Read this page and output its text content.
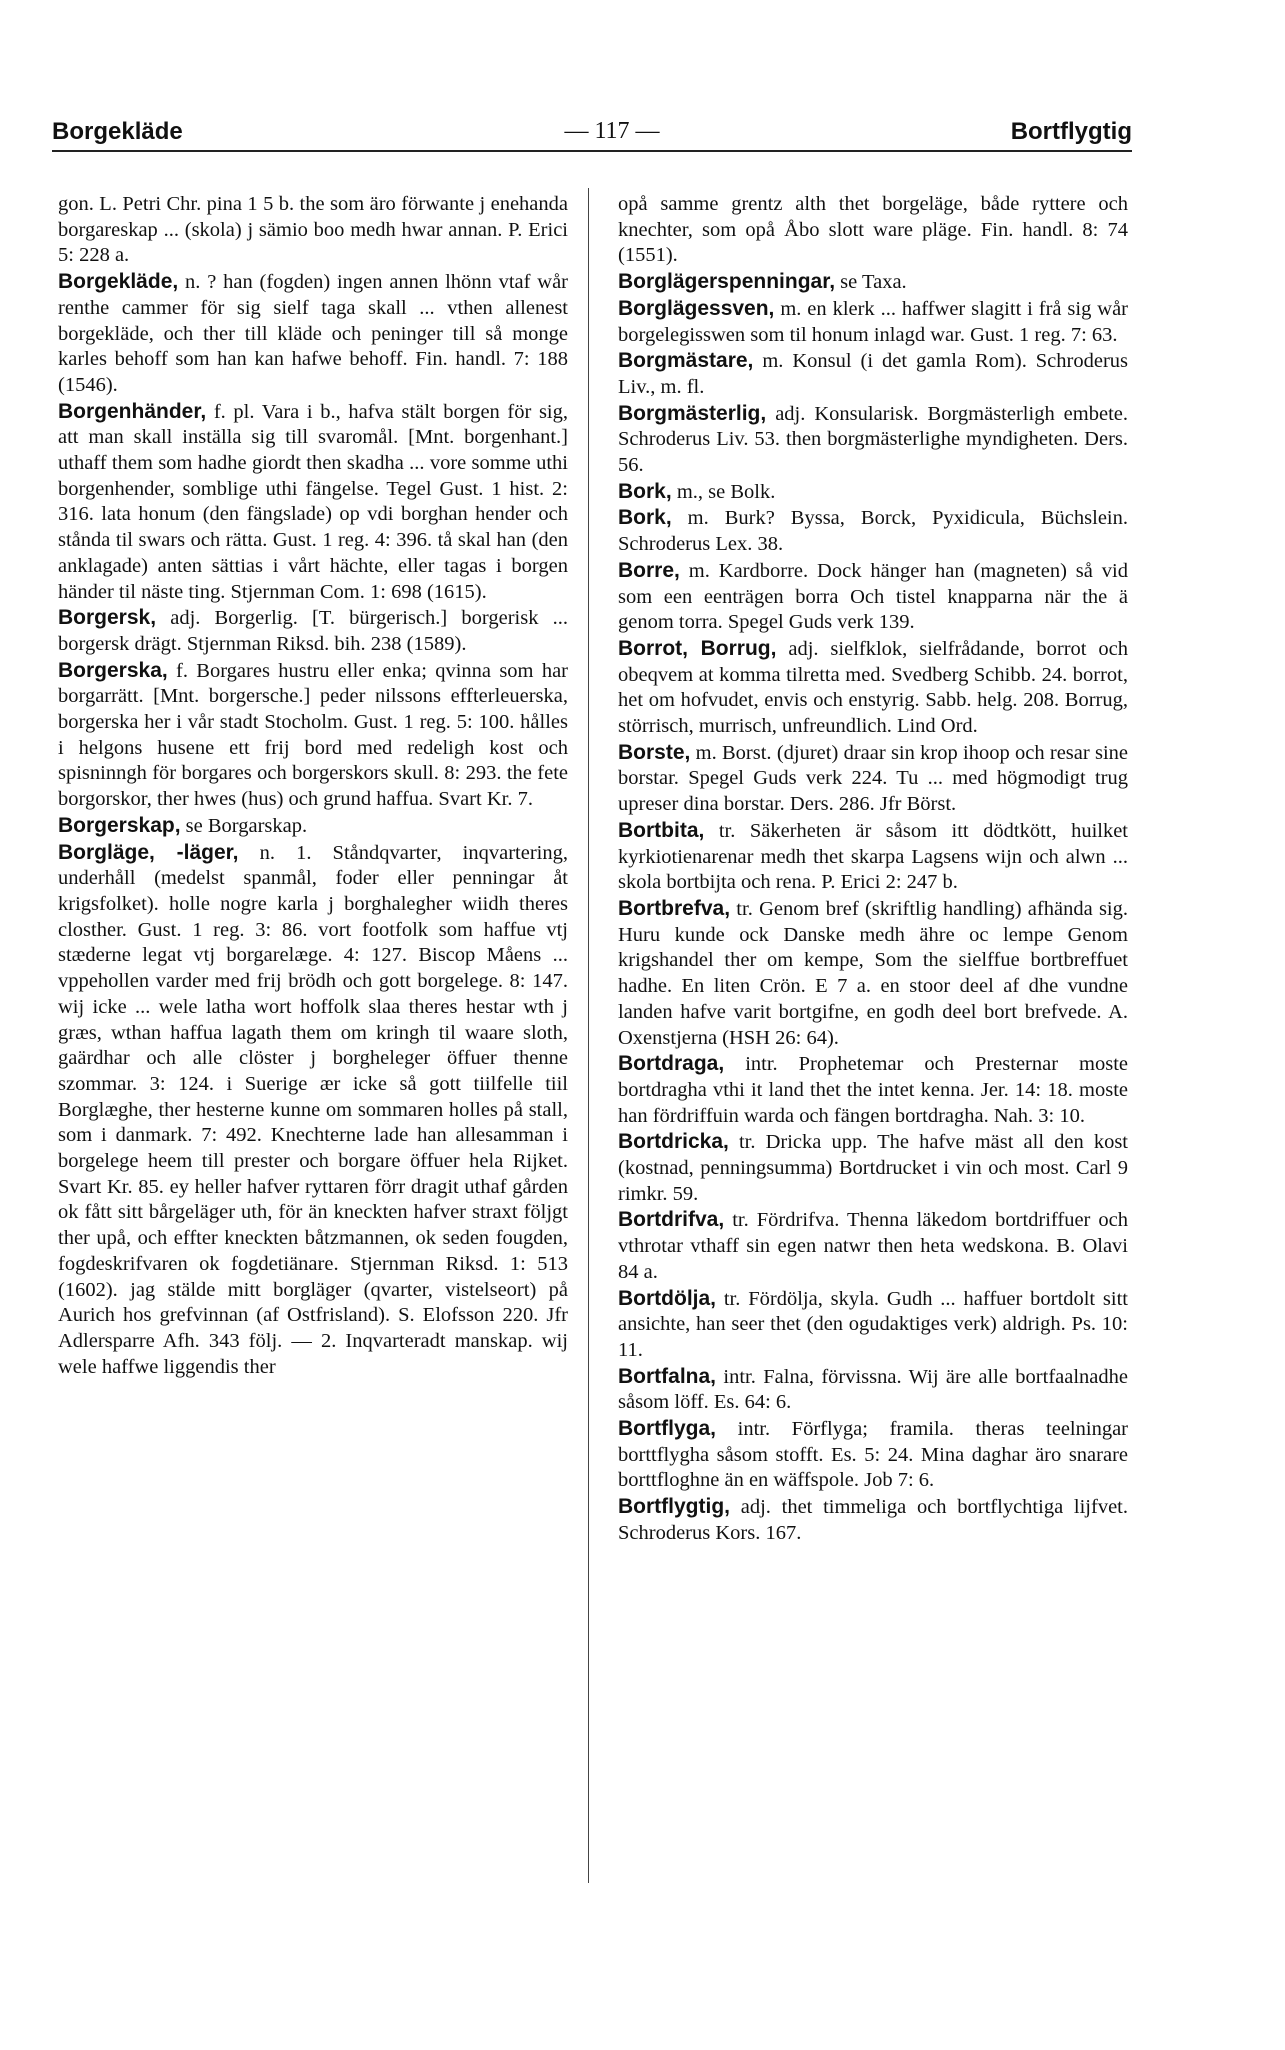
Borgekläde	— 117 —	Bortflygtig

gon. L. Petri Chr. pina 1 5 b. the som äro förwante j enehanda borgareskap ... (skola) j sämio boo medh hwar annan. P. Erici 5: 228 a.

Borgekläde, n. ? han (fogden) ingen annen lhönn vtaf wår renthe cammer för sig sielf taga skall ... vthen allenest borgekläde, och ther till kläde och peninger till så monge karles behoff som han kan hafwe behoff. Fin. handl. 7: 188 (1546).

Borgenhänder, f. pl. Vara i b., hafva stält borgen för sig, att man skall inställa sig till svaromål. [Mnt. borgenhant.] uthaff them som hadhe giordt then skadha ... vore somme uthi borgenhender, somblige uthi fängelse. Tegel Gust. 1 hist. 2: 316. lata honum (den fängslade) op vdi borghan hender och stånda til swars och rätta. Gust. 1 reg. 4: 396. tå skal han (den anklagade) anten sättias i vårt hächte, eller tagas i borgen händer til näste ting. Stjernman Com. 1: 698 (1615).

Borgersk, adj. Borgerlig. [T. bürgerisch.] borgerisk ... borgersk drägt. Stjernman Riksd. bih. 238 (1589).

Borgerska, f. Borgares hustru eller enka; qvinna som har borgarrätt. [Mnt. borgersche.] peder nilssons effterleuerska, borgerska her i vår stadt Stocholm. Gust. 1 reg. 5: 100. hålles i helgons husene ett frij bord med redeligh kost och spisninngh för borgares och borgerskors skull. 8: 293. the fete borgorskor, ther hwes (hus) och grund haffua. Svart Kr. 7.

Borgerskap, se Borgarskap.

Borgläge, -läger, n. 1. Ståndqvarter, inqvartering, underhåll (medelst spanmål, foder eller penningar åt krigsfolket). holle nogre karla j borghalegher wiidh theres closther. Gust. 1 reg. 3: 86. vort footfolk som haffue vtj stæderne legat vtj borgarelæge. 4: 127. Biscop Måens ... vppehollen varder med frij brödh och gott borgelege. 8: 147. wij icke ... wele latha wort hoffolk slaa theres hestar wth j græs, wthan haffua lagath them om kringh til waare sloth, gaärdhar och alle clöster j borgheleger öffuer thenne szommar. 3: 124. i Suerige ær icke så gott tiilfelle tiil Borglæghe, ther hesterne kunne om sommaren holles på stall, som i danmark. 7: 492. Knechterne lade han allesamman i borgelege heem till prester och borgare öffuer hela Rijket. Svart Kr. 85. ey heller hafver ryttaren förr dragit uthaf gården ok fått sitt bårgeläger uth, för än kneckten hafver straxt följgt ther upå, och effter kneckten båtzmannen, ok seden fougden, fogdeskrifvaren ok fogdetiänare. Stjernman Riksd. 1: 513 (1602). jag stälde mitt borgläger (qvarter, vistelseort) på Aurich hos grefvinnan (af Ostfrisland). S. Elofsson 220. Jfr Adlersparre Afh. 343 följ. — 2. Inqvarteradt manskap. wij wele haffwe liggendis ther

opå samme grentz alth thet borgeläge, både ryttere och knechter, som opå Åbo slott ware pläge. Fin. handl. 8: 74 (1551).

Borglägerspenningar, se Taxa.

Borglägessven, m. en klerk ... haffwer slagitt i frå sig wår borgelegisswen som til honum inlagd war. Gust. 1 reg. 7: 63.

Borgmästare, m. Konsul (i det gamla Rom). Schroderus Liv., m. fl.

Borgmästerlig, adj. Konsularisk. Borgmästerligh embete. Schroderus Liv. 53. then borgmästerlighe myndigheten. Ders. 56.

Bork, m., se Bolk.

Bork, m. Burk? Byssa, Borck, Pyxidicula, Büchslein. Schroderus Lex. 38.

Borre, m. Kardborre. Dock hänger han (magneten) så vid som een eenträgen borra Och tistel knapparna när the ä genom torra. Spegel Guds verk 139.

Borrot, Borrug, adj. sielfklok, sielfrådande, borrot och obeqvem at komma tilretta med. Svedberg Schibb. 24. borrot, het om hofvudet, envis och enstyrig. Sabb. helg. 208. Borrug, störrisch, murrisch, unfreundlich. Lind Ord.

Borste, m. Borst. (djuret) draar sin krop ihoop och resar sine borstar. Spegel Guds verk 224. Tu ... med högmodigt trug upreser dina borstar. Ders. 286. Jfr Börst.

Bortbita, tr. Säkerheten är såsom itt dödtkött, huilket kyrkiotienarenar medh thet skarpa Lagsens wijn och alwn ... skola bortbijta och rena. P. Erici 2: 247 b.

Bortbrefva, tr. Genom bref (skriftlig handling) afhända sig. Huru kunde ock Danske medh ähre oc lempe Genom krigshandel ther om kempe, Som the sielffue bortbreffuet hadhe. En liten Crön. E 7 a. en stoor deel af dhe vundne landen hafve varit bortgifne, en godh deel bort brefvede. A. Oxenstjerna (HSH 26: 64).

Bortdraga, intr. Prophetemar och Presternar moste bortdragha vthi it land thet the intet kenna. Jer. 14: 18. moste han fördriffuin warda och fängen bortdragha. Nah. 3: 10.

Bortdricka, tr. Dricka upp. The hafve mäst all den kost (kostnad, penningsumma) Bortdrucket i vin och most. Carl 9 rimkr. 59.

Bortdrifva, tr. Fördrifva. Thenna läkedom bortdriffuer och vthrotar vthaff sin egen natwr then heta wedskona. B. Olavi 84 a.

Bortdölja, tr. Fördölja, skyla. Gudh ... haffuer bortdolt sitt ansichte, han seer thet (den ogudaktiges verk) aldrigh. Ps. 10: 11.

Bortfalna, intr. Falna, förvissna. Wij äre alle bortfaalnadhe såsom löff. Es. 64: 6.

Bortflyga, intr. Förflyga; framila. theras teelningar borttflygha såsom stofft. Es. 5: 24. Mina daghar äro snarare borttfloghne än en wäffspole. Job 7: 6.

Bortflygtig, adj. thet timmeliga och bortflychtiga lijfvet. Schroderus Kors. 167.
